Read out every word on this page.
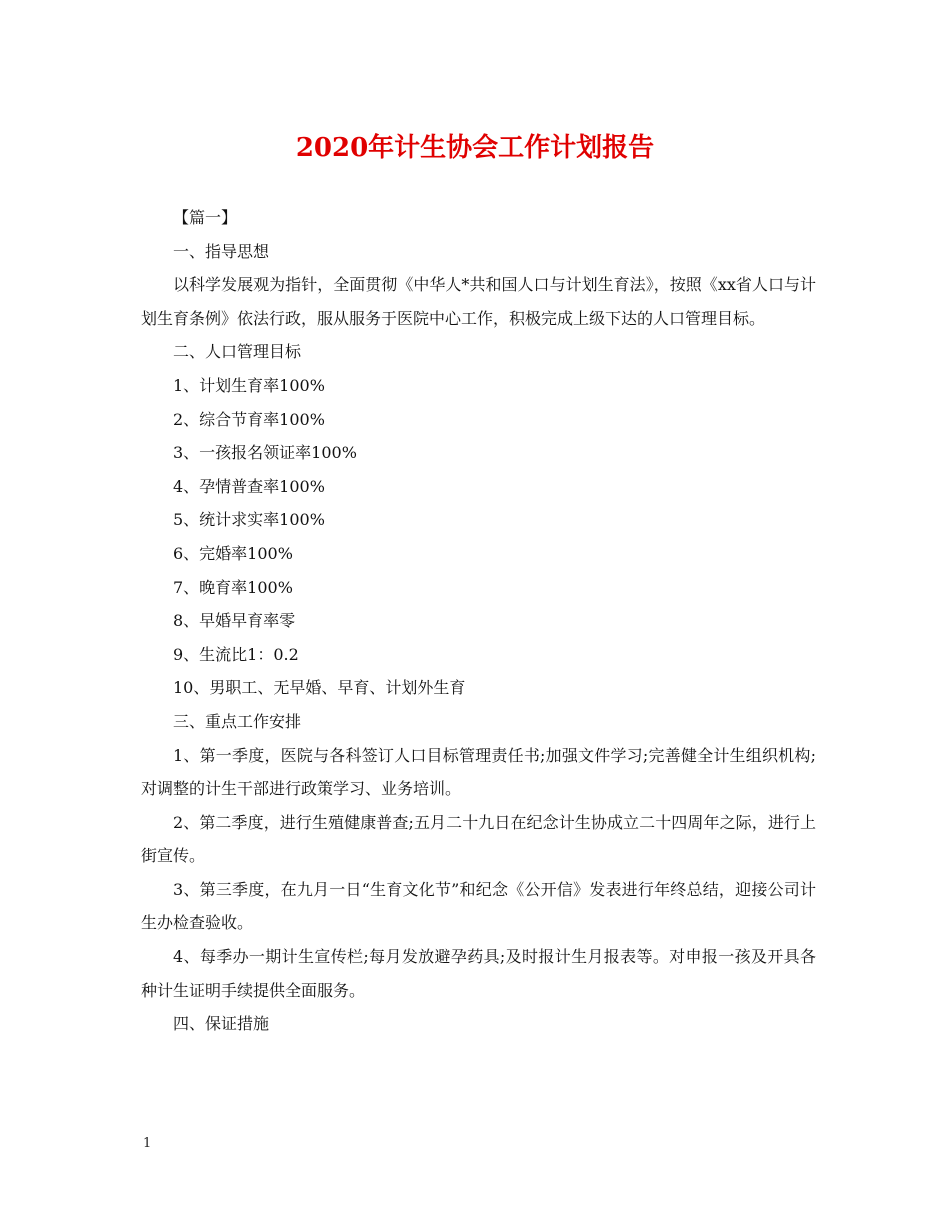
2020年计生协会工作计划报告

【篇一】

一、指导思想

以科学发展观为指针，全面贯彻《中华人*共和国人口与计划生育法》，按照《xx省人口与计划生育条例》依法行政，服从服务于医院中心工作，积极完成上级下达的人口管理目标。

二、人口管理目标

1、计划生育率100%

2、综合节育率100%

3、一孩报名领证率100%

4、孕情普查率100%

5、统计求实率100%

6、完婚率100%

7、晚育率100%

8、早婚早育率零

9、生流比1：0.2

10、男职工、无早婚、早育、计划外生育

三、重点工作安排

1、第一季度，医院与各科签订人口目标管理责任书;加强文件学习;完善健全计生组织机构;对调整的计生干部进行政策学习、业务培训。

2、第二季度，进行生殖健康普查;五月二十九日在纪念计生协成立二十四周年之际，进行上街宣传。

3、第三季度，在九月一日“生育文化节”和纪念《公开信》发表进行年终总结，迎接公司计生办检查验收。

4、每季办一期计生宣传栏;每月发放避孕药具;及时报计生月报表等。对申报一孩及开具各种计生证明手续提供全面服务。

四、保证措施

1
